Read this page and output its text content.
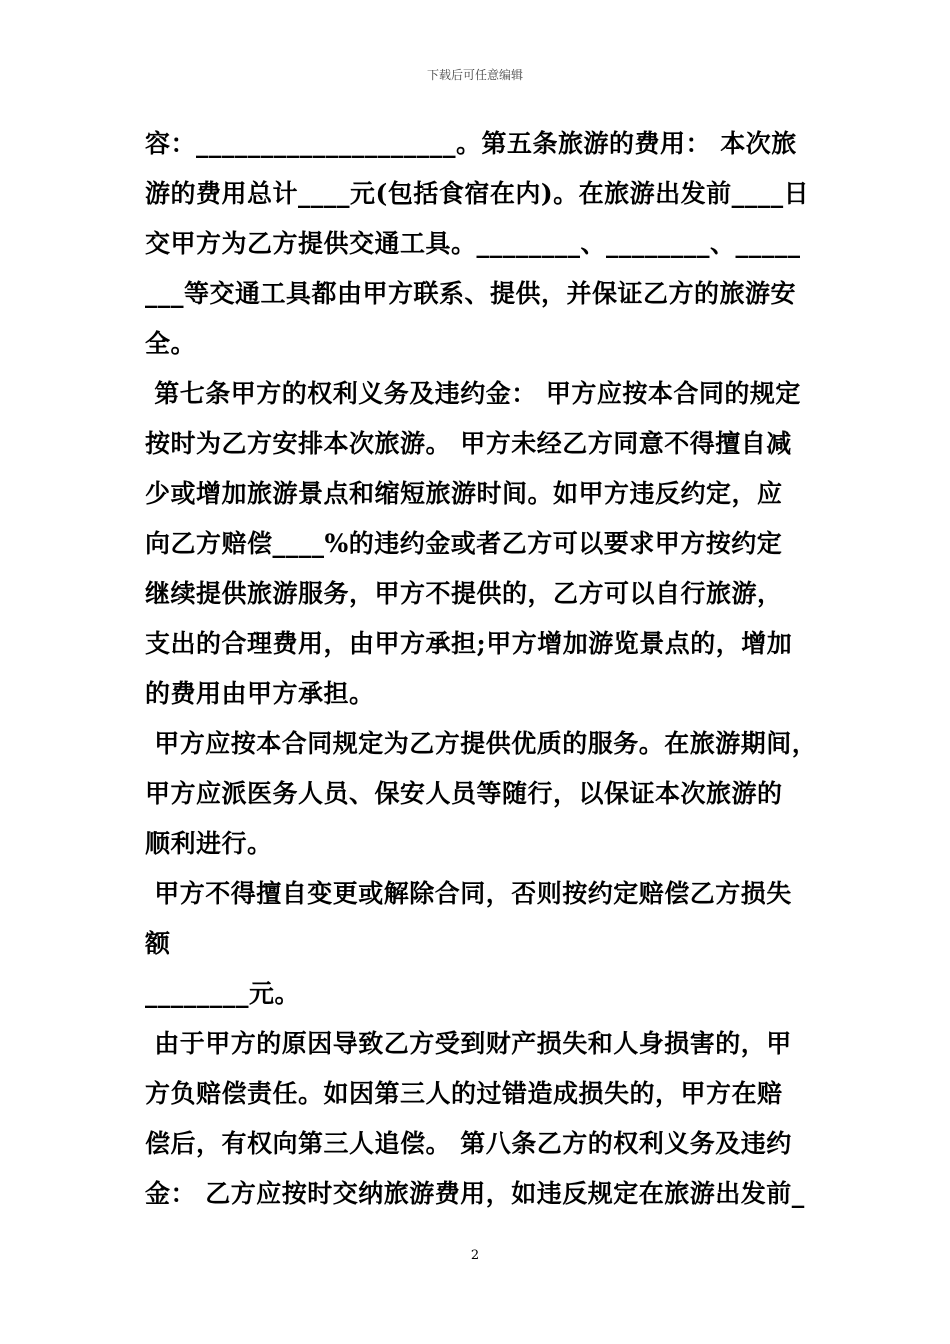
下载后可任意编辑
容：____________________。第五条旅游的费用： 本次旅
游的费用总计____元(包括食宿在内)。在旅游出发前____日
交甲方为乙方提供交通工具。________、________、_____
___等交通工具都由甲方联系、提供，并保证乙方的旅游安
全。
第七条甲方的权利义务及违约金： 甲方应按本合同的规定
按时为乙方安排本次旅游。 甲方未经乙方同意不得擅自减
少或增加旅游景点和缩短旅游时间。如甲方违反约定，应
向乙方赔偿____%的违约金或者乙方可以要求甲方按约定
继续提供旅游服务，甲方不提供的，乙方可以自行旅游，
支出的合理费用，由甲方承担;甲方增加游览景点的，增加
的费用由甲方承担。
甲方应按本合同规定为乙方提供优质的服务。在旅游期间，
甲方应派医务人员、保安人员等随行，以保证本次旅游的
顺利进行。
甲方不得擅自变更或解除合同，否则按约定赔偿乙方损失
额
________元。
由于甲方的原因导致乙方受到财产损失和人身损害的，甲
方负赔偿责任。如因第三人的过错造成损失的，甲方在赔
偿后，有权向第三人追偿。 第八条乙方的权利义务及违约
金： 乙方应按时交纳旅游费用，如违反规定在旅游出发前_
2
